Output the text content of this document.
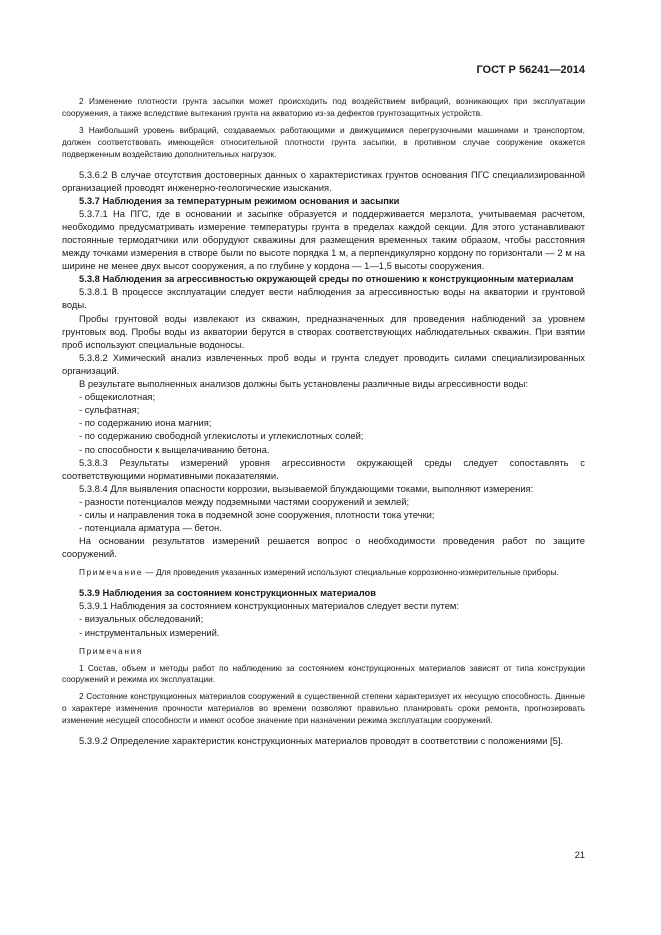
ГОСТ Р 56241—2014

2 Изменение плотности грунта засыпки может происходить под воздействием вибраций, возникающих при эксплуатации сооружения, а также вследствие вытекания грунта на акваторию из-за дефектов грунтозащитных устройств.

3 Наибольший уровень вибраций, создаваемых работающими и движущимися перегрузочными машинами и транспортом, должен соответствовать имеющейся относительной плотности грунта засыпки, в противном случае сооружение окажется подверженным воздействию дополнительных нагрузок.

5.3.6.2 В случае отсутствия достоверных данных о характеристиках грунтов основания ПГС специализированной организацией проводят инженерно-геологические изыскания.

5.3.7 Наблюдения за температурным режимом основания и засыпки

5.3.7.1 На ПГС, где в основании и засыпке образуется и поддерживается мерзлота, учитываемая расчетом, необходимо предусматривать измерение температуры грунта в пределах каждой секции. Для этого устанавливают постоянные термодатчики или оборудуют скважины для размещения временных таким образом, чтобы расстояния между точками измерения в створе были по высоте порядка 1 м, а перпендикулярно кордону по горизонтали — 2 м на ширине не менее двух высот сооружения, а по глубине у кордона — 1—1,5 высоты сооружения.

5.3.8 Наблюдения за агрессивностью окружающей среды по отношению к конструкционным материалам

5.3.8.1 В процессе эксплуатации следует вести наблюдения за агрессивностью воды на акватории и грунтовой воды.

Пробы грунтовой воды извлекают из скважин, предназначенных для проведения наблюдений за уровнем грунтовых вод. Пробы воды из акватории берутся в створах соответствующих наблюдательных скважин. При взятии проб используют специальные водоносы.

5.3.8.2 Химический анализ извлеченных проб воды и грунта следует проводить силами специализированных организаций.

В результате выполненных анализов должны быть установлены различные виды агрессивности воды:

- общекислотная;

- сульфатная;

- по содержанию иона магния;

- по содержанию свободной углекислоты и углекислотных солей;

- по способности к выщелачиванию бетона.

5.3.8.3 Результаты измерений уровня агрессивности окружающей среды следует сопоставлять с соответствующими нормативными показателями.

5.3.8.4 Для выявления опасности коррозии, вызываемой блуждающими токами, выполняют измерения:

- разности потенциалов между подземными частями сооружений и землей;

- силы и направления тока в подземной зоне сооружения, плотности тока утечки;

- потенциала арматура — бетон.

На основании результатов измерений решается вопрос о необходимости проведения работ по защите сооружений.

Примечание — Для проведения указанных измерений используют специальные коррозионно-измерительные приборы.

5.3.9 Наблюдения за состоянием конструкционных материалов

5.3.9.1 Наблюдения за состоянием конструкционных материалов следует вести путем:

- визуальных обследований;

- инструментальных измерений.

Примечания

1 Состав, объем и методы работ по наблюдению за состоянием конструкционных материалов зависят от типа конструкции сооружений и режима их эксплуатации.

2 Состояние конструкционных материалов сооружений в существенной степени характеризует их несущую способность. Данные о характере изменения прочности материалов во времени позволяют правильно планировать сроки ремонта, прогнозировать изменение несущей способности и имеют особое значение при назначении режима эксплуатации сооружений.

5.3.9.2 Определение характеристик конструкционных материалов проводят в соответствии с положениями [5].

21
